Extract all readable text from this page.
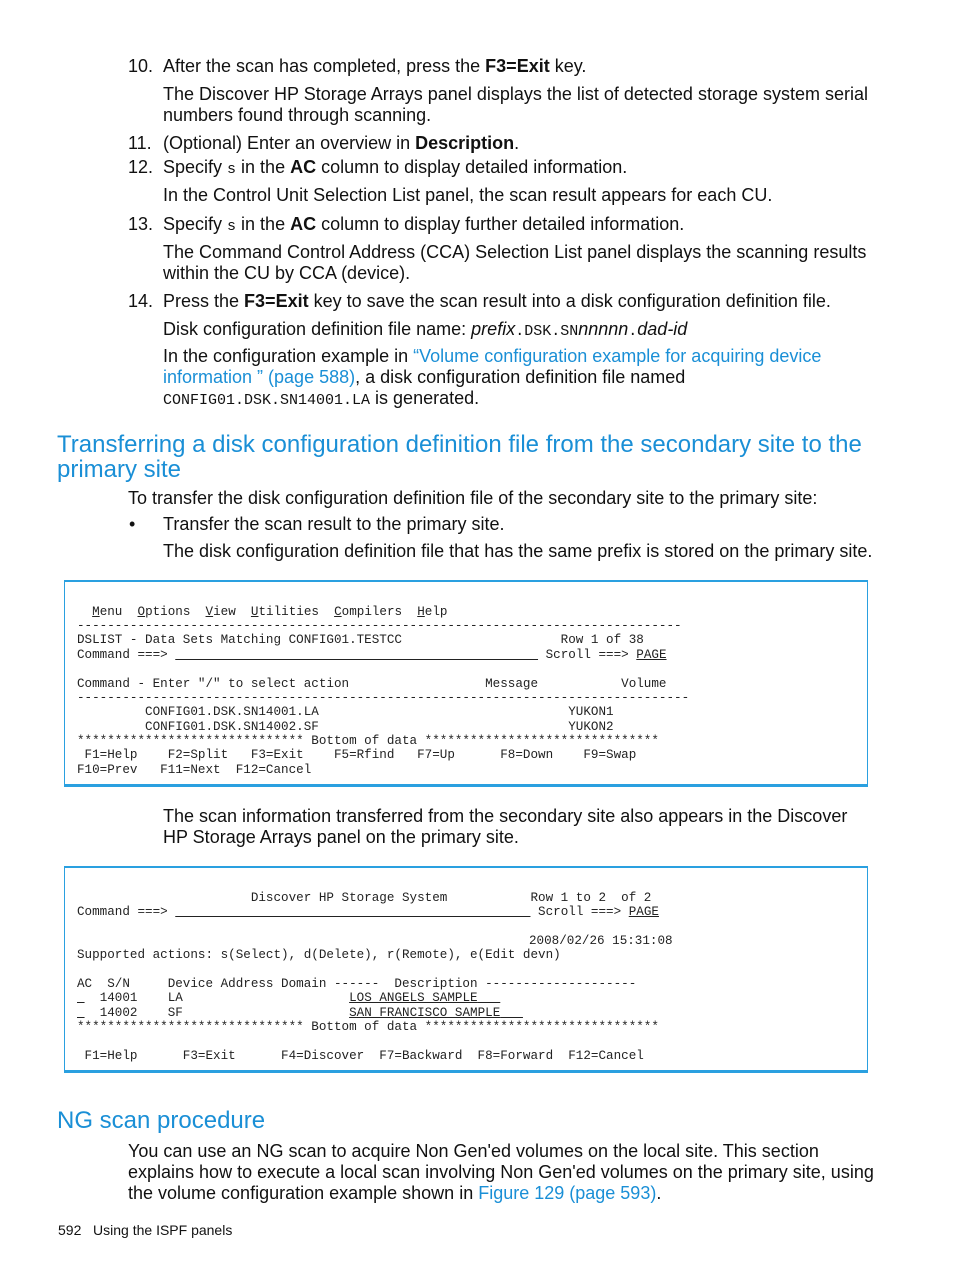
10. After the scan has completed, press the F3=Exit key.
The Discover HP Storage Arrays panel displays the list of detected storage system serial numbers found through scanning.
11. (Optional) Enter an overview in Description.
12. Specify s in the AC column to display detailed information.
In the Control Unit Selection List panel, the scan result appears for each CU.
13. Specify s in the AC column to display further detailed information.
The Command Control Address (CCA) Selection List panel displays the scanning results within the CU by CCA (device).
14. Press the F3=Exit key to save the scan result into a disk configuration definition file.
Disk configuration definition file name: prefix.DSK.SNnnnnn.dad-id
In the configuration example in “Volume configuration example for acquiring device information ” (page 588), a disk configuration definition file named CONFIG01.DSK.SN14001.LA is generated.
Transferring a disk configuration definition file from the secondary site to the primary site
To transfer the disk configuration definition file of the secondary site to the primary site:
• Transfer the scan result to the primary site.
The disk configuration definition file that has the same prefix is stored on the primary site.
Menu Options View Utilities Compilers Help
--------------------------------------------------------------------------------
DSLIST - Data Sets Matching CONFIG01.TESTCC                     Row 1 of 38
Command ===>	Scroll ===> PAGE
Command - Enter "/" to select action                  Message           Volume
---------------------------------------------------------------------------------
CONFIG01.DSK.SN14001.LA                                 YUKON1
CONFIG01.DSK.SN14002.SF                                 YUKON2
****************************** Bottom of data *******************************
F1=Help    F2=Split   F3=Exit    F5=Rfind   F7=Up      F8=Down    F9=Swap
F10=Prev   F11=Next  F12=Cancel
The scan information transferred from the secondary site also appears in the Discover HP Storage Arrays panel on the primary site.
Discover HP Storage System           Row 1 to 2  of 2
Command ===>	Scroll ===> PAGE
2008/02/26 15:31:08
Supported actions: s(Select), d(Delete), r(Remote), e(Edit devn)
AC  S/N     Device Address Domain ------  Description --------------------
14001 LA	LOS ANGELS SAMPLE
14002 SF	SAN FRANCISCO SAMPLE
****************************** Bottom of data *******************************
F1=Help      F3=Exit      F4=Discover  F7=Backward  F8=Forward  F12=Cancel
NG scan procedure
You can use an NG scan to acquire Non Gen'ed volumes on the local site. This section explains how to execute a local scan involving Non Gen'ed volumes on the primary site, using the volume configuration example shown in Figure 129 (page 593).
592 Using the ISPF panels
